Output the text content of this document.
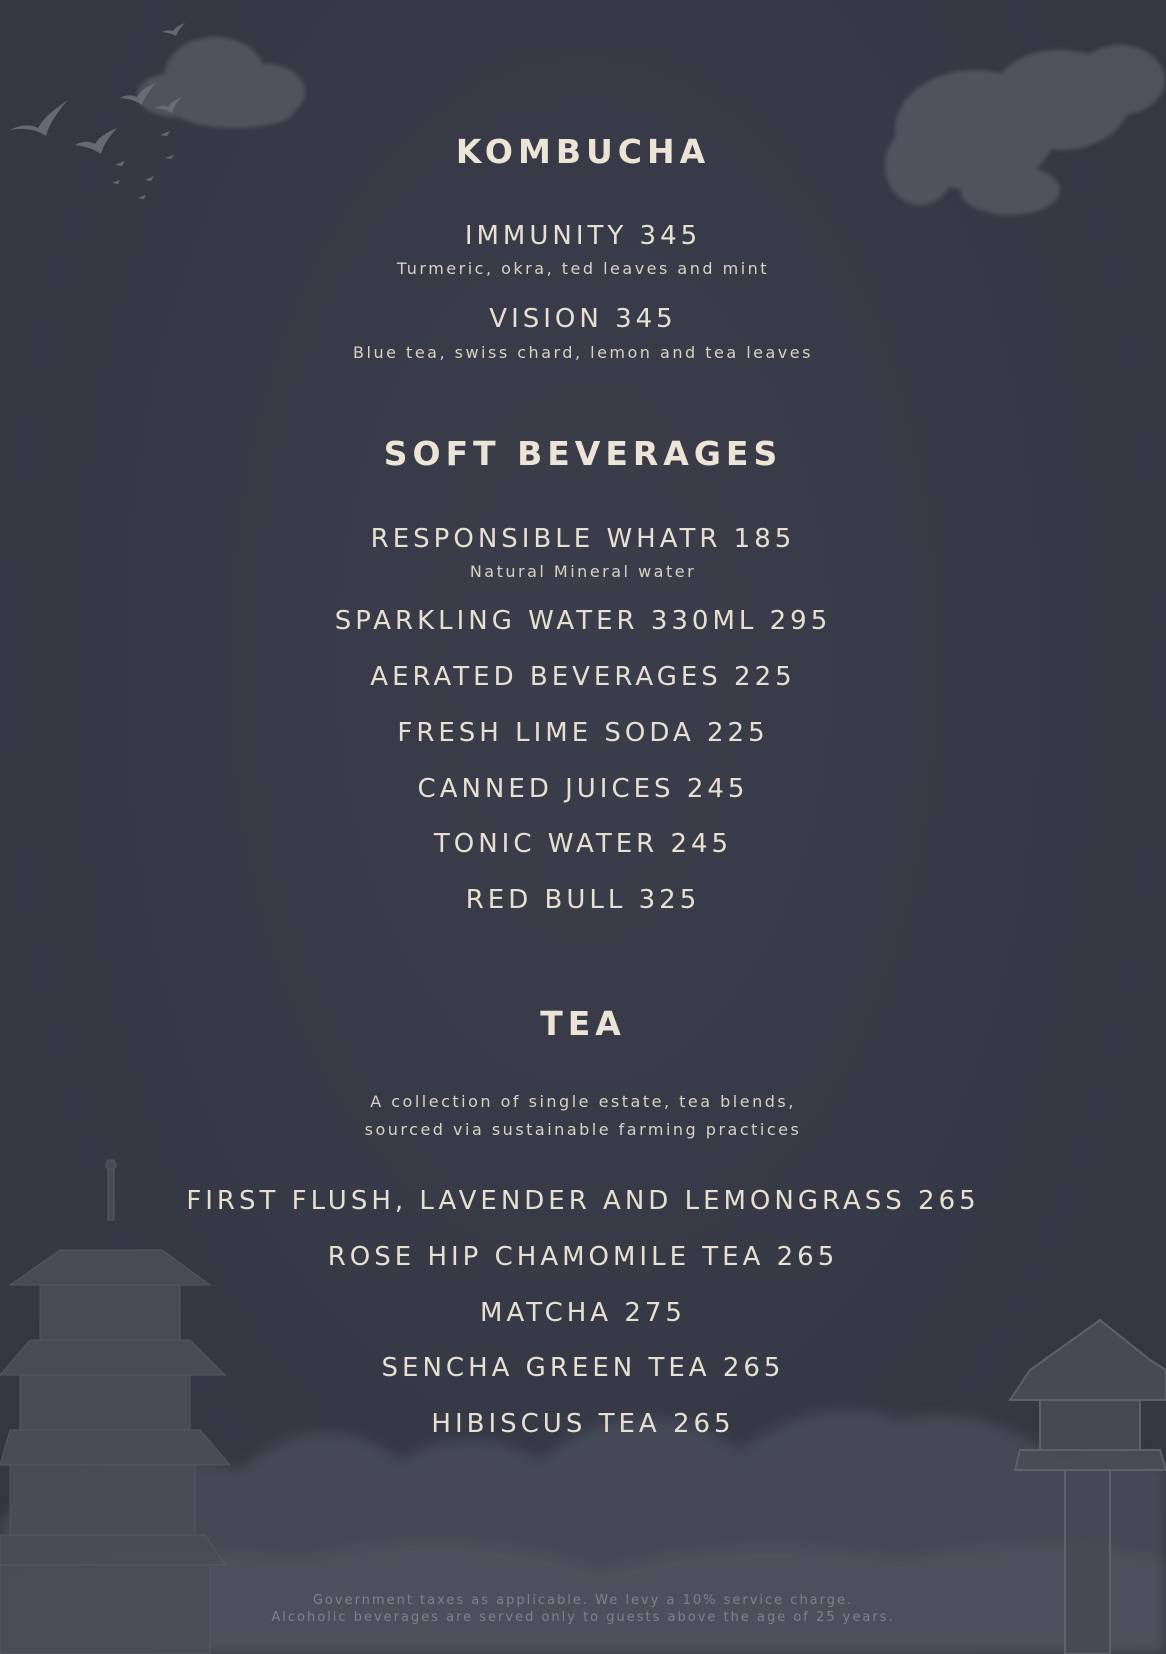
KOMBUCHA
IMMUNITY 345
Turmeric, okra, ted leaves and mint
VISION 345
Blue tea, swiss chard, lemon and tea leaves
SOFT BEVERAGES
RESPONSIBLE WHATR 185
Natural Mineral water
SPARKLING WATER 330ML 295
AERATED BEVERAGES 225
FRESH LIME SODA 225
CANNED JUICES 245
TONIC WATER 245
RED BULL 325
TEA
A collection of single estate, tea blends,
sourced via sustainable farming practices
FIRST FLUSH, LAVENDER AND LEMONGRASS 265
ROSE HIP CHAMOMILE TEA 265
MATCHA 275
SENCHA GREEN TEA 265
HIBISCUS TEA 265
Government taxes as applicable. We levy a 10% service charge.
Alcoholic beverages are served only to guests above the age of 25 years.
